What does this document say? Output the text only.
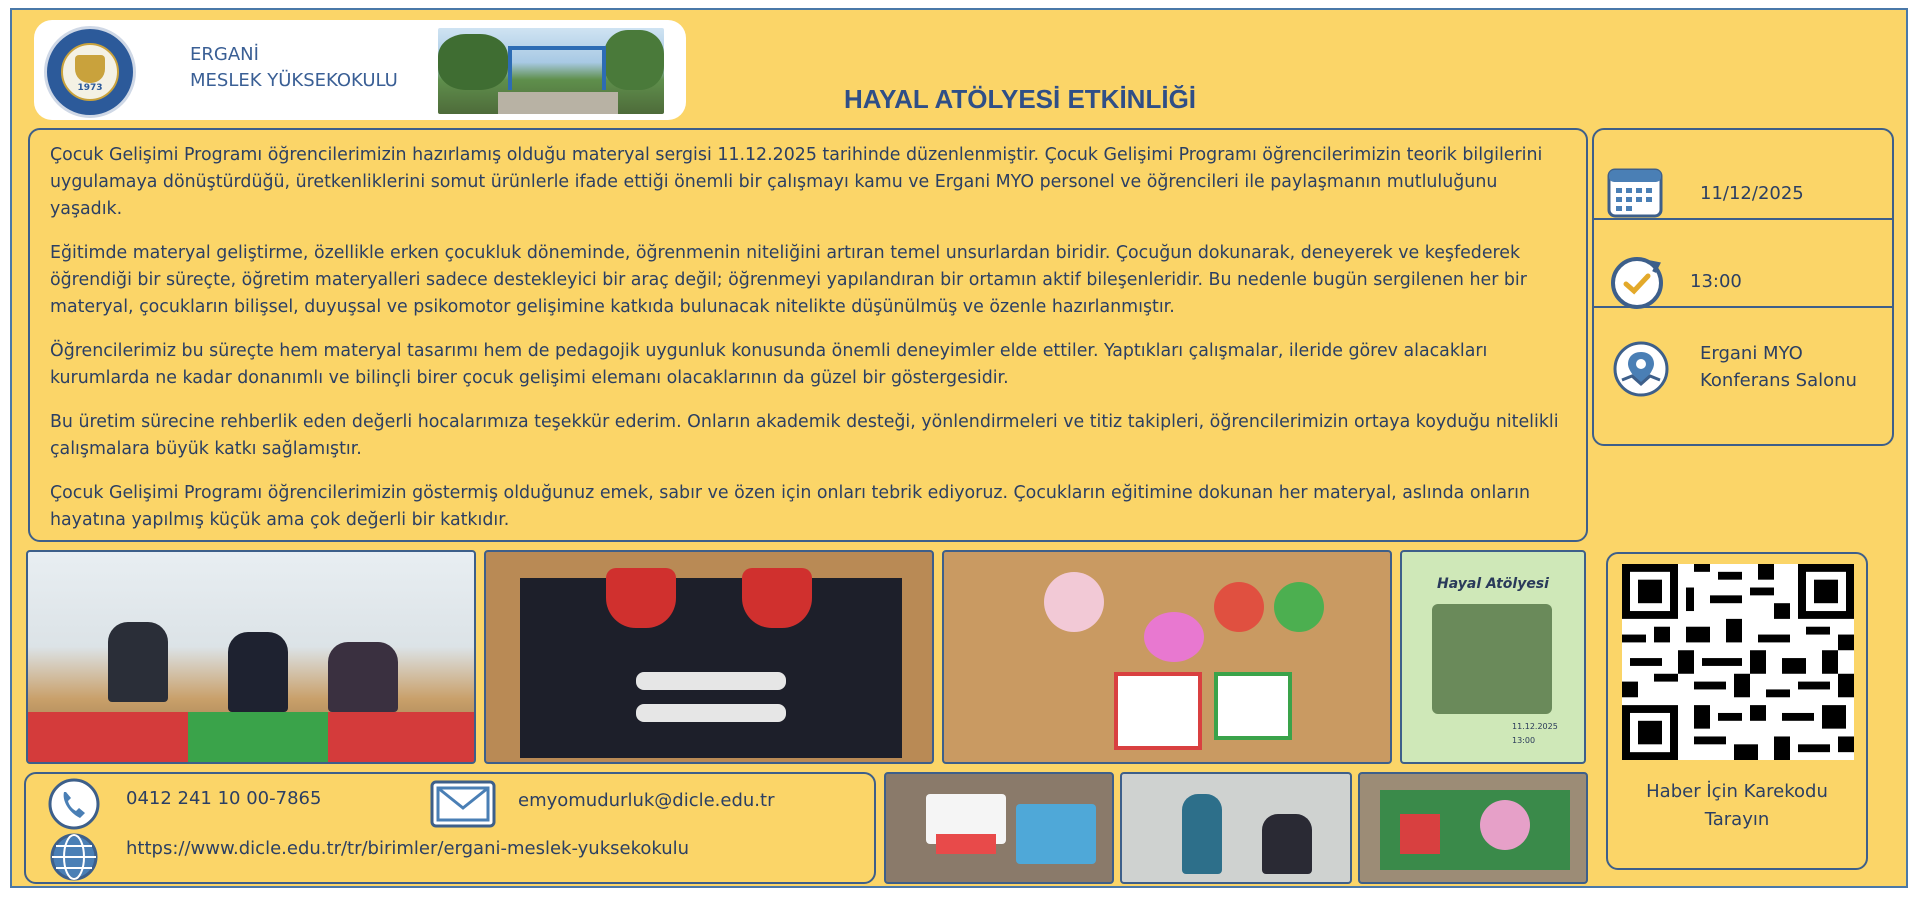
1973
ERGANİ
MESLEK YÜKSEKOKULU
HAYAL ATÖLYESİ ETKİNLİĞİ

Çocuk Gelişimi Programı öğrencilerimizin hazırlamış olduğu materyal sergisi 11.12.2025 tarihinde düzenlenmiştir. Çocuk Gelişimi Programı öğrencilerimizin teorik bilgilerini uygulamaya dönüştürdüğü, üretkenliklerini somut ürünlerle ifade ettiği önemli bir çalışmayı kamu ve Ergani MYO personel ve öğrencileri ile paylaşmanın mutluluğunu yaşadık.

Eğitimde materyal geliştirme, özellikle erken çocukluk döneminde, öğrenmenin niteliğini artıran temel unsurlardan biridir. Çocuğun dokunarak, deneyerek ve keşfederek öğrendiği bir süreçte, öğretim materyalleri sadece destekleyici bir araç değil; öğrenmeyi yapılandıran bir ortamın aktif bileşenleridir. Bu nedenle bugün sergilenen her bir materyal, çocukların bilişsel, duyuşsal ve psikomotor gelişimine katkıda bulunacak nitelikte düşünülmüş ve özenle hazırlanmıştır.

Öğrencilerimiz bu süreçte hem materyal tasarımı hem de pedagojik uygunluk konusunda önemli deneyimler elde ettiler. Yaptıkları çalışmalar, ileride görev alacakları kurumlarda ne kadar donanımlı ve bilinçli birer çocuk gelişimi elemanı olacaklarının da güzel bir göstergesidir.

Bu üretim sürecine rehberlik eden değerli hocalarımıza teşekkür ederim. Onların akademik desteği, yönlendirmeleri ve titiz takipleri, öğrencilerimizin ortaya koyduğu nitelikli çalışmalara büyük katkı sağlamıştır.

Çocuk Gelişimi Programı öğrencilerimizin göstermiş olduğunuz emek, sabır ve özen için onları tebrik ediyoruz. Çocukların eğitimine dokunan her materyal, aslında onların hayatına yapılmış küçük ama çok değerli bir katkıdır.

11/12/2025
13:00
Ergani MYO
Konferans Salonu
Hayal Atölyesi
11.12.2025
13:00
Haber İçin Karekodu
Tarayın
0412 241 10 00-7865	emyomudurluk@dicle.edu.tr
https://www.dicle.edu.tr/tr/birimler/ergani-meslek-yuksekokulu
